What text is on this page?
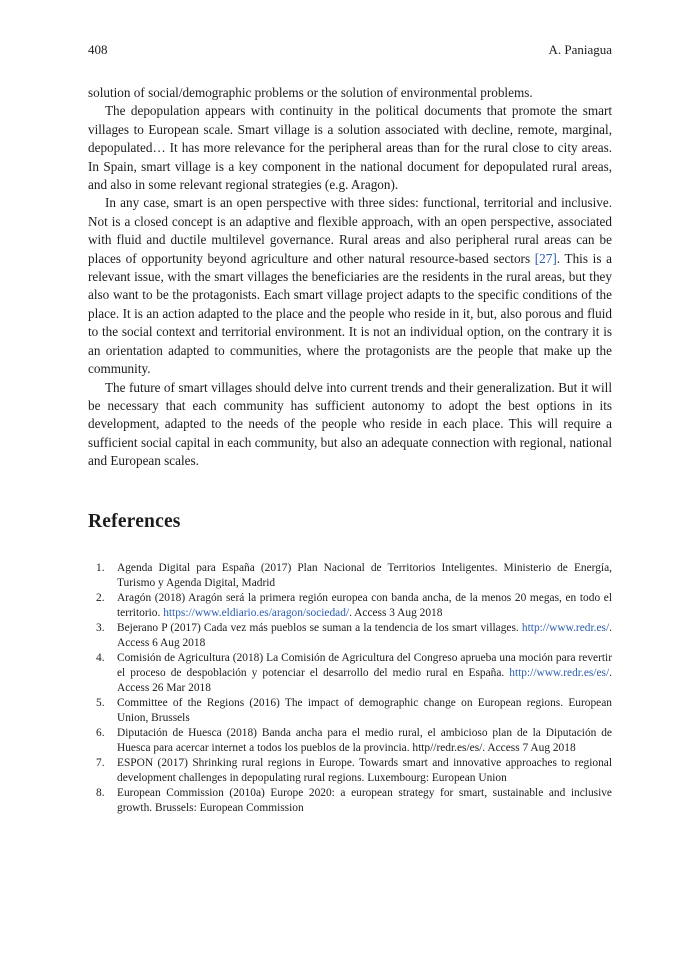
408	A. Paniagua

solution of social/demographic problems or the solution of environmental problems.

The depopulation appears with continuity in the political documents that promote the smart villages to European scale. Smart village is a solution associated with decline, remote, marginal, depopulated… It has more relevance for the peripheral areas than for the rural close to city areas. In Spain, smart village is a key component in the national document for depopulated rural areas, and also in some relevant regional strategies (e.g. Aragon).

In any case, smart is an open perspective with three sides: functional, territorial and inclusive. Not is a closed concept is an adaptive and flexible approach, with an open perspective, associated with fluid and ductile multilevel governance. Rural areas and also peripheral rural areas can be places of opportunity beyond agriculture and other natural resource-based sectors [27]. This is a relevant issue, with the smart villages the beneficiaries are the residents in the rural areas, but they also want to be the protagonists. Each smart village project adapts to the specific conditions of the place. It is an action adapted to the place and the people who reside in it, but, also porous and fluid to the social context and territorial environment. It is not an individual option, on the contrary it is an orientation adapted to communities, where the protagonists are the people that make up the community.

The future of smart villages should delve into current trends and their generalization. But it will be necessary that each community has sufficient autonomy to adopt the best options in its development, adapted to the needs of the people who reside in each place. This will require a sufficient social capital in each community, but also an adequate connection with regional, national and European scales.

References
1.	Agenda Digital para España (2017) Plan Nacional de Territorios Inteligentes. Ministerio de Energía, Turismo y Agenda Digital, Madrid
2.	Aragón (2018) Aragón será la primera región europea con banda ancha, de la menos 20 megas, en todo el territorio. https://www.eldiario.es/aragon/sociedad/. Access 3 Aug 2018
3.	Bejerano P (2017) Cada vez más pueblos se suman a la tendencia de los smart villages. http://www.redr.es/. Access 6 Aug 2018
4.	Comisión de Agricultura (2018) La Comisión de Agricultura del Congreso aprueba una moción para revertir el proceso de despoblación y potenciar el desarrollo del medio rural en España. http://www.redr.es/es/. Access 26 Mar 2018
5.	Committee of the Regions (2016) The impact of demographic change on European regions. European Union, Brussels
6.	Diputación de Huesca (2018) Banda ancha para el medio rural, el ambicioso plan de la Diputación de Huesca para acercar internet a todos los pueblos de la provincia. http//redr.es/es/. Access 7 Aug 2018
7.	ESPON (2017) Shrinking rural regions in Europe. Towards smart and innovative approaches to regional development challenges in depopulating rural regions. Luxembourg: European Union
8.	European Commission (2010a) Europe 2020: a european strategy for smart, sustainable and inclusive growth. Brussels: European Commission
